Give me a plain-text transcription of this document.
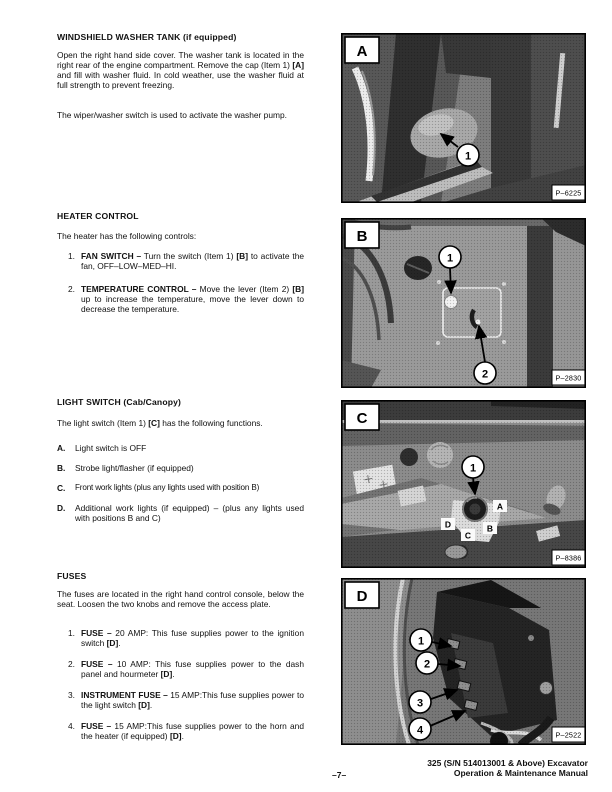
WINDSHIELD WASHER TANK (if equipped)
Open the right hand side cover. The washer tank is located in the right rear of the engine compartment. Remove the cap (Item 1) [A] and fill with washer fluid. In cold weather, use the washer fluid at full strength to prevent freezing.
The wiper/washer switch is used to activate the washer pump.
HEATER CONTROL
The heater has the following controls:
1. FAN SWITCH – Turn the switch (Item 1) [B] to activate the fan, OFF–LOW–MED–HI.
2. TEMPERATURE CONTROL – Move the lever (Item 2) [B] up to increase the temperature, move the lever down to decrease the temperature.
LIGHT SWITCH (Cab/Canopy)
The light switch (Item 1) [C] has the following functions.
A. Light switch is OFF
B. Strobe light/flasher (if equipped)
C. Front work lights (plus any lights used with position B)
D. Additional work lights (if equipped) – (plus any lights used with positions B and C)
FUSES
The fuses are located in the right hand control console, below the seat. Loosen the two knobs and remove the access plate.
1. FUSE – 20 AMP: This fuse supplies power to the ignition switch [D].
2. FUSE – 10 AMP: This fuse supplies power to the dash panel and hourmeter [D].
3. INSTRUMENT FUSE – 15 AMP:This fuse supplies power to the light switch [D].
4. FUSE – 15 AMP:This fuse supplies power to the horn and the heater (if equipped) [D].
1
A
P–6225
1
2
B
P–2830
1
A
B
C
D
C
P–8386
1
2
3
4
D
P–2522
–7–
325 (S/N 514013001 & Above) Excavator
Operation & Maintenance Manual
